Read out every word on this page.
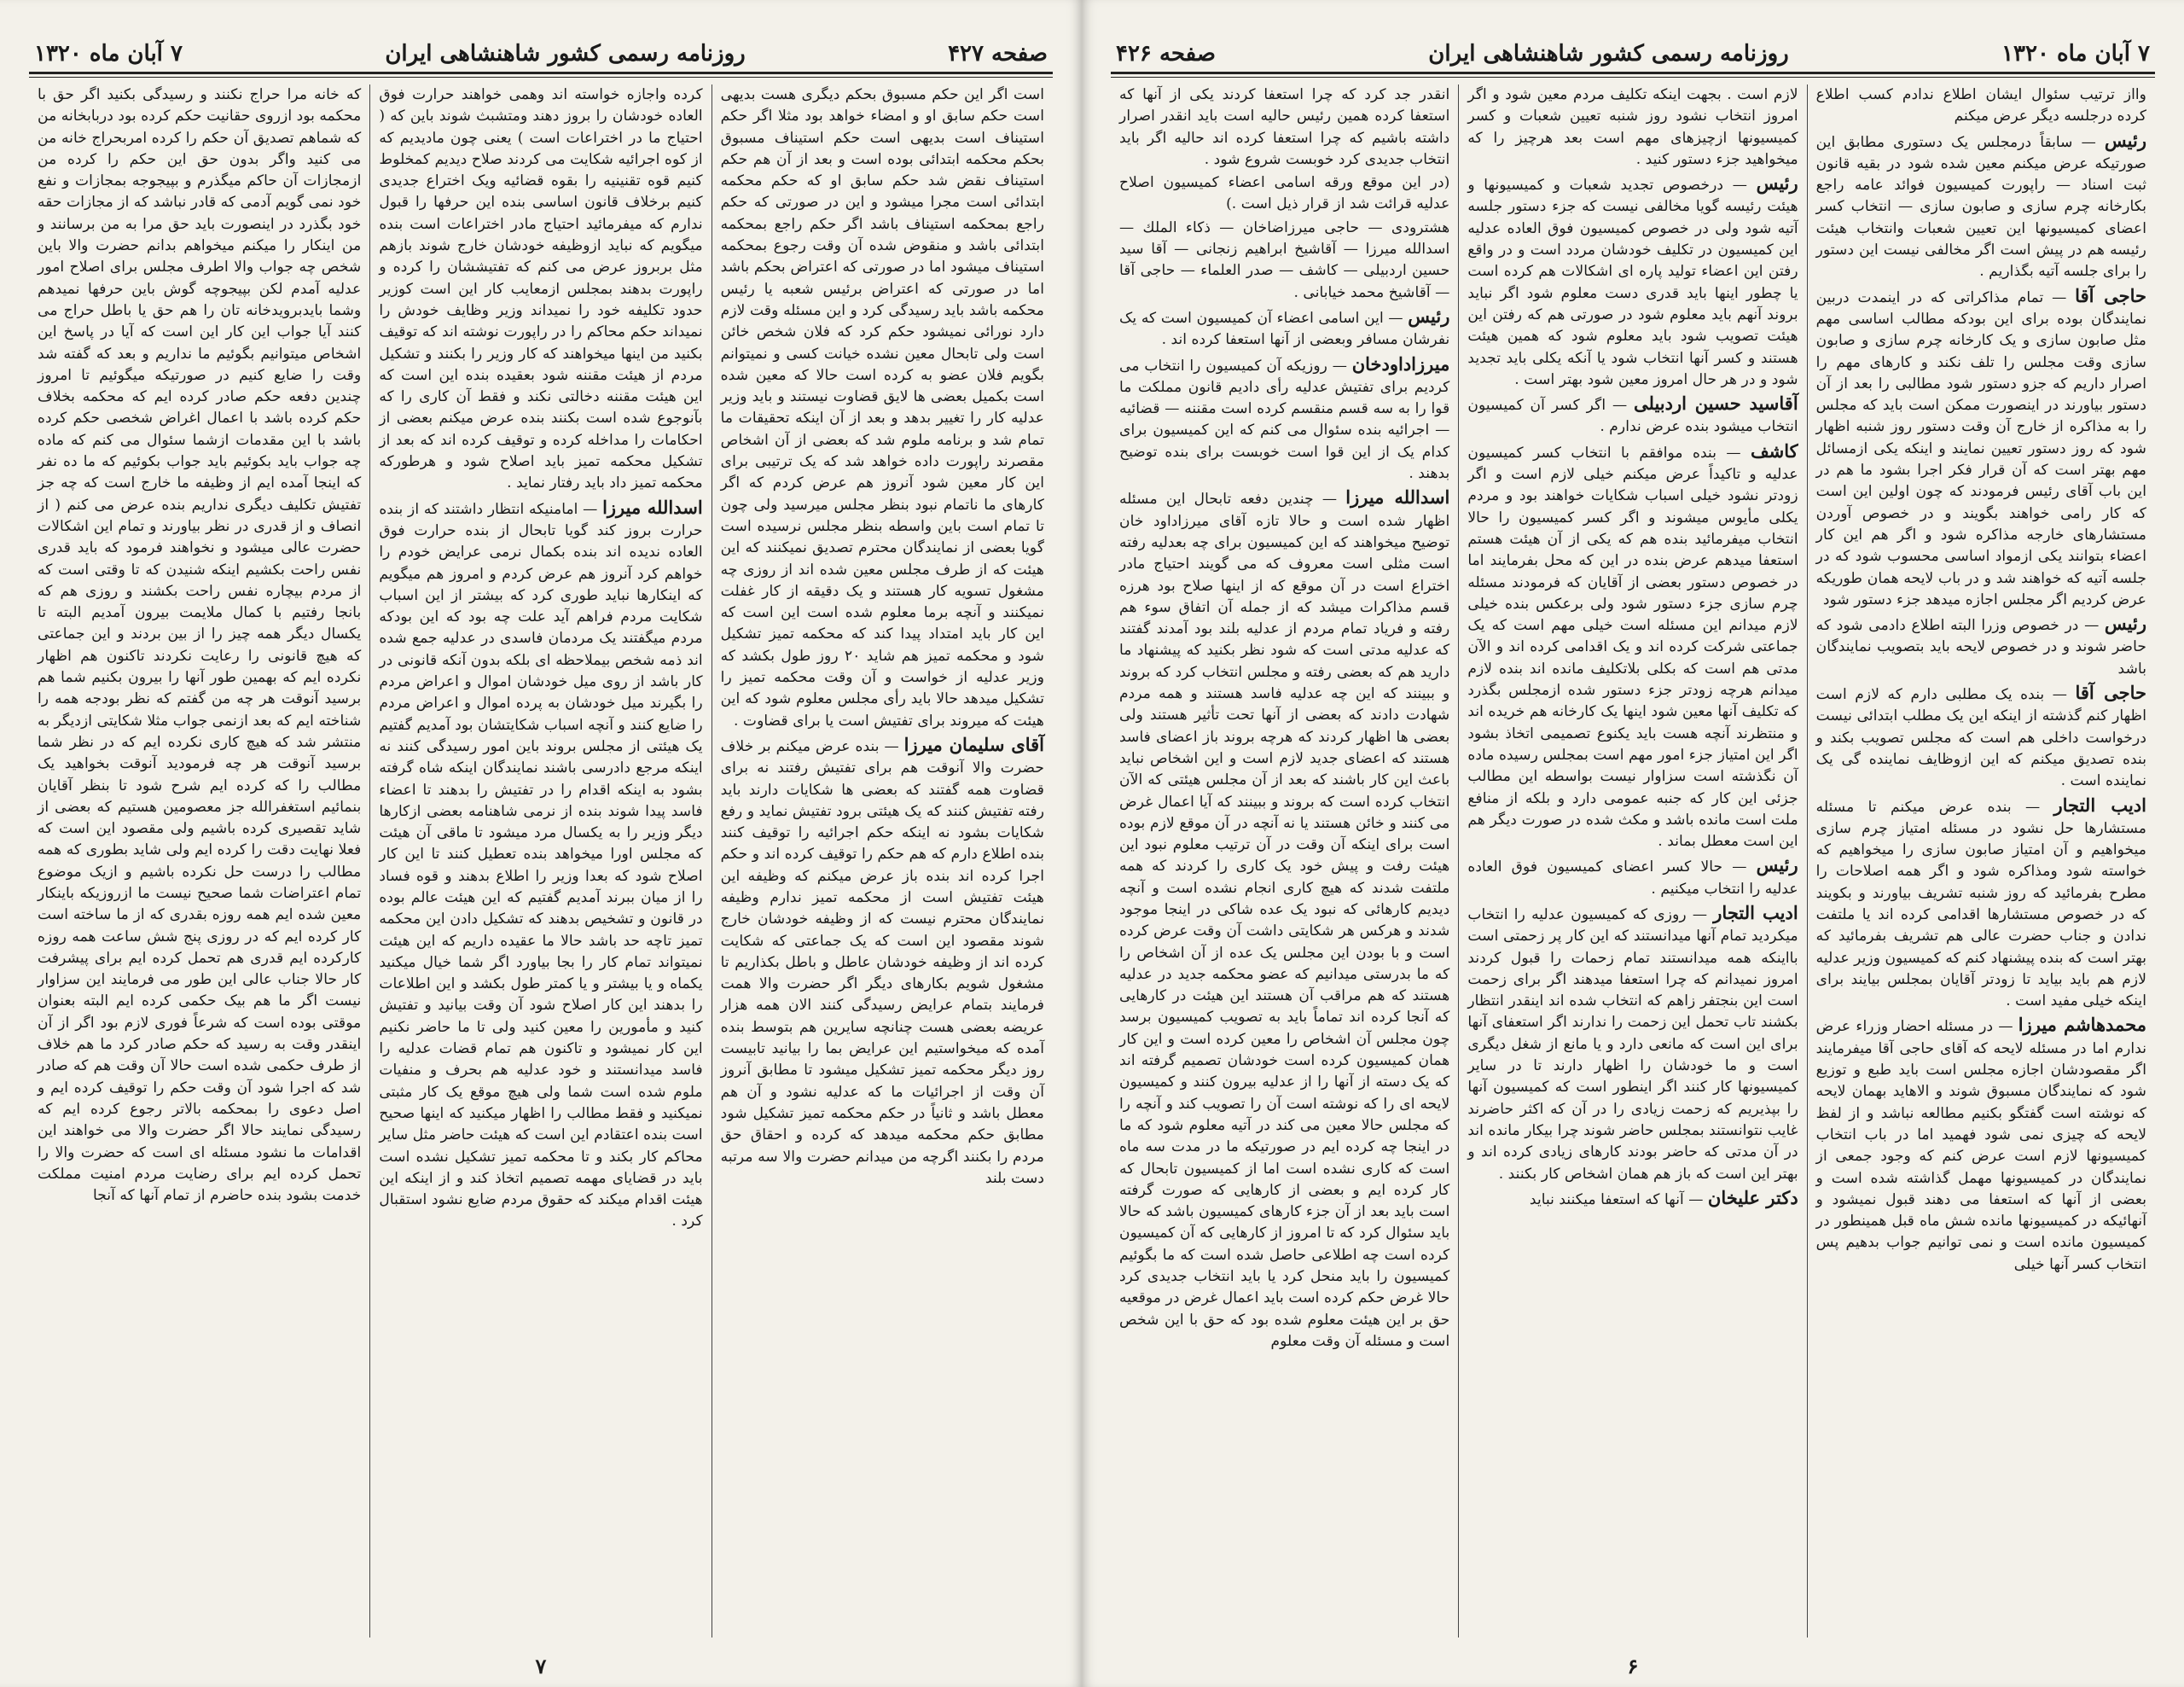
صفحه ۴۲۷
روزنامه رسمی کشور شاهنشاهی ایران
۷ آبان ماه ۱۳۲۰

است اگر این حکم مسبوق بحکم دیگری هست بدیهی است حکم سابق او و امضاء خواهد بود مثلا اگر حکم استیناف است بدیهی است حکم استیناف مسبوق بحکم محکمه ابتدائی بوده است و بعد از آن هم حکم استیناف نقض شد حکم سابق او که حکم محکمه ابتدائی است مجرا میشود و این در صورتی که حکم راجع بمحکمه استیناف باشد اگر حکم راجع بمحکمه ابتدائی باشد و منقوض شده آن وقت رجوع بمحکمه استیناف میشود اما در صورتی که اعتراض بحکم باشد اما در صورتی که اعتراض برئیس شعبه یا رئیس محکمه باشد باید رسیدگی کرد و این مسئله وقت لازم دارد نورائی نمیشود حکم کرد که فلان شخص خائن است ولی تابحال معین نشده خیانت کسی و نمیتوانم بگویم فلان عضو به کرده است حالا که معین شده است بکمیل بعضی ها لایق قضاوت نیستند و باید وزیر عدلیه کار را تغییر بدهد و بعد از آن اینکه تحقیقات ما تمام شد و برنامه ملوم شد که بعضی از آن اشخاص مقصرند راپورت داده خواهد شد که یک ترتیبی برای این کار معین شود آنروز هم عرض کردم که اگر کارهای ما ناتمام نبود بنظر مجلس میرسید ولی چون تا تمام است باین واسطه بنظر مجلس نرسیده است گویا بعضی از نمایندگان محترم تصدیق نمیکنند که این هیئت که از طرف مجلس معین شده اند از روزی چه مشغول تسویه کار هستند و یک دقیقه از کار غفلت نمیکنند و آنچه برما معلوم شده است این است که این کار باید امتداد پیدا کند که محکمه تمیز تشکیل شود و محکمه تمیز هم شاید ۲۰ روز طول بکشد که وزیر عدلیه از خواست و آن وقت محکمه تمیز را تشکیل میدهد حالا باید رأی مجلس معلوم شود که این هیئت که میروند برای تفتیش است یا برای قضاوت .

آقای سلیمان میرزا — بنده عرض میکنم بر خلاف حضرت والا آنوقت هم برای تفتیش رفتند نه برای قضاوت همه گفتند که بعضی ها شکایات دارند باید رفته تفتیش کنند که یک هیئتی برود تفتیش نماید و رفع شکایات بشود نه اینکه حکم اجرائیه را توقیف کنند بنده اطلاع دارم که هم حکم را توقیف کرده اند و حکم اجرا کرده اند بنده باز عرض میکنم که وظیفه این هیئت تفتیش است از محکمه تمیز ندارم وظیفه نمایندگان محترم نیست که از وظیفه خودشان خارج شوند مقصود این است که یک جماعتی که شکایت کرده اند از وظیفه خودشان عاطل و باطل بکذاریم تا مشغول شویم بکارهای دیگر اگر حضرت والا همت فرمایند بتمام عرایض رسیدگی کنند الان همه هزار عریضه بعضی هست چنانچه سایرین هم بتوسط بنده آمده که میخواستیم این عرایض بما را بیانید تابیست روز دیگر محکمه تمیز تشکیل میشود تا مطابق آنروز آن وقت از اجرائیات ما که عدلیه نشود و آن هم معطل باشد و ثانیاً در حکم محکمه تمیز تشکیل شود مطابق حکم محکمه میدهد که کرده و احقاق حق مردم را بکنند اگرچه من میدانم حضرت والا سه مرتبه دست بلند

کرده واجازه خواسته اند وهمی خواهند حرارت فوق العاده خودشان را بروز دهند ومتشبث شوند باین که ( احتیاج ما در اختراعات است ) یعنی چون مادیدیم که از کوه اجرائیه شکایت می کردند صلاح دیدیم کمخلوط کنیم قوه تقنینیه را بقوه قضائیه ویک اختراع جدیدی کنیم برخلاف قانون اساسی بنده این حرفها را قبول ندارم که میفرمائید احتیاج مادر اختراعات است بنده میگویم که نباید ازوظیفه خودشان خارج شوند بازهم مثل بربروز عرض می کنم که تفتیششان را کرده و راپورت بدهند بمجلس ازمعایب کار این است کوزیر حدود تکلیفه خود را نمیداند وزیر وظایف خودش را نمیداند حکم محاکم را در راپورت نوشته اند که توقیف بکنید من اینها میخواهند که کار وزیر را بکنند و تشکیل مردم از هیئت مقننه شود بعقیده بنده این است که این هیئت مقننه دخالتی نکند و فقط آن کاری را که بآنوجوع شده است بکنند بنده عرض میکنم بعضی از احکامات را مداخله کرده و توقیف کرده اند که بعد از تشکیل محکمه تمیز باید اصلاح شود و هرطورکه محکمه تمیز داد باید رفتار نماید .

اسدالله میرزا — امامنیکه انتظار داشتند که از بنده حرارت بروز کند گویا تابحال از بنده حرارت فوق العاده ندیده اند بنده بکمال نرمی عرایض خودم را خواهم کرد آنروز هم عرض کردم و امروز هم میگویم که اینکارها نباید طوری کرد که بیشتر از این اسباب شکایت مردم فراهم آید علت چه بود که این بودکه مردم میگفتند یک مردمان فاسدی در عدلیه جمع شده اند ذمه شخص بیملاحظه ای بلکه بدون آنکه قانونی در کار باشد از روی میل خودشان اموال و اعراض مردم را بگیرند میل خودشان به پرده اموال و اعراض مردم را ضایع کنند و آنچه اسباب شکایتشان بود آمدیم گفتیم یک هیئتی از مجلس بروند باین امور رسیدگی کنند نه اینکه مرجع دادرسی باشند نمایندگان اینکه شاه گرفته بشود به اینکه اقدام را در تفتیش را بدهند تا اعضاء فاسد پیدا شوند بنده از نرمی شاهنامه بعضی ازکارها دیگر وزیر را به یکسال مرد میشود تا ماقی آن هیئت که مجلس اورا میخواهد بنده تعطیل کنند تا این کار اصلاح شود که بعدا وزیر را اطلاع بدهند و قوه فساد را از میان ببرند آمدیم گفتیم که این هیئت عالم بوده در قانون و تشخیص بدهند که تشکیل دادن این محکمه تمیز تاچه حد باشد حالا ما عقیده داریم که این هیئت نمیتواند تمام کار را بجا بیاورد اگر شما خیال میکنید یکماه و یا بیشتر و یا کمتر طول بکشد و این اطلاعات را بدهند این کار اصلاح شود آن وقت بیانید و تفتیش کنید و مأمورین را معین کنید ولی تا ما حاضر نکنیم این کار نمیشود و تاکنون هم تمام قضات عدلیه را فاسد میدانستند و خود عدلیه هم بحرف و منفیات ملوم شده است شما ولی هیچ موقع یک کار مثبتی نمیکنید و فقط مطالب را اظهار میکنید که اینها صحیح است بنده اعتقادم این است که هیئت حاضر مثل سایر محاکم کار بکند و تا محکمه تمیز تشکیل نشده است باید در قضایای مهمه تصمیم اتخاذ کند و از اینکه این هیئت اقدام میکند که حقوق مردم ضایع نشود استقبال کرد .

که خانه مرا حراج نکنند و رسیدگی بکنید اگر حق با محکمه بود ازروی حقانیت حکم کرده بود دربابخانه من که شماهم تصدیق آن حکم را کرده امربحراج خانه من می کنید واگر بدون حق این حکم را کرده من ازمجازات آن حاکم میگذرم و بپیجوجه بمجازات و نفع خود نمی گویم آدمی که قادر نباشد که از مجازات حقه خود بگذرد در اینصورت باید حق مرا به من برسانند و من اینکار را میکنم میخواهم بدانم حضرت والا باین شخص چه جواب والا اطرف مجلس برای اصلاح امور عدلیه آمدم لکن بپیجوچه گوش باین حرفها نمیدهم وشما بایدبرویدخانه تان را هم حق یا باطل حراج می کنند آیا جواب این کار این است که آیا در پاسخ این اشخاص میتوانیم بگوئیم ما نداریم و بعد که گفته شد وقت را ضایع کنیم در صورتیکه میگوئیم تا امروز چندین دفعه حکم صادر کرده ایم که محکمه بخلاف حکم کرده باشد با اعمال اغراض شخصی حکم کرده باشد با این مقدمات ازشما سئوال می کنم که ماده چه جواب باید بکوئیم باید جواب بکوئیم که ما ده نفر که اینجا آمده ایم از وظیفه ما خارج است که چه جز تفتیش تکلیف دیگری نداریم بنده عرض می کنم ( از انصاف و از قدری در نظر بیاورند و تمام این اشکالات حضرت عالی میشود و نخواهند فرمود که باید قدری نفس راحت بکشیم اینکه شنیدن که تا وقتی است که از مردم بیچاره نفس راحت بکشند و روزی هم که بانجا رفتیم با کمال ملایمت بیرون آمدیم البته تا یکسال دیگر همه چیز را از بین بردند و این جماعتی که هیچ قانونی را رعایت نکردند تاکنون هم اظهار نکرده ایم که بهمین طور آنها را بیرون بکنیم شما هم برسید آنوقت هر چه من گفتم که نظر بودجه همه را شناخته ایم که بعد ازنمی جواب مثلا شکایتی ازدیگر به منتشر شد که هیچ کاری نکرده ایم که در نظر شما برسید آنوقت هر چه فرمودید آنوقت بخواهید یک مطالب را که کرده ایم شرح شود تا بنظر آقایان بنمائیم استغفرالله جز معصومین هستیم که بعضی از شاید تقصیری کرده باشیم ولی مقصود این است که فعلا نهایت دقت را کرده ایم ولی شاید بطوری که همه مطالب را درست حل نکرده باشیم و ازیک موضوع تمام اعتراضات شما صحیح نیست ما ازروزیکه باینکار معین شده ایم همه روزه بقدری که از ما ساخته است کار کرده ایم که در روزی پنج شش ساعت همه روزه کارکرده ایم قدری هم تحمل کرده ایم برای پیشرفت کار حالا جناب عالی این طور می فرمایند این سزاوار نیست اگر ما هم بیک حکمی کرده ایم البته بعنوان موقتی بوده است که شرعاً فوری لازم بود اگر از آن اینقدر وقت به رسید که حکم صادر کرد ما هم خلاف از طرف حکمی شده است حالا آن وقت هم که صادر شد که اجرا شود آن وقت حکم را توقیف کرده ایم و اصل دعوی را بمحکمه بالاتر رجوع کرده ایم که رسیدگی نمایند حالا اگر حضرت والا می خواهند این اقدامات ما نشود مسئله ای است که حضرت والا را تحمل کرده ایم برای رضایت مردم امنیت مملکت خدمت بشود بنده حاضرم از تمام آنها که آنجا

۷
۷ آبان ماه ۱۳۲۰
روزنامه رسمی کشور شاهنشاهی ایران
صفحه ۴۲۶

وااز ترتیب سئوال ایشان اطلاع ندادم کسب اطلاع کرده درجلسه دیگر عرض میکنم

رئیس — سابقاً درمجلس یک دستوری مطابق این صورتیکه عرض میکنم معین شده شود در بقیه قانون ثبت اسناد — راپورت کمیسیون فوائد عامه راجع بکارخانه چرم سازی و صابون سازی — انتخاب کسر اعضای کمیسیونها این تعیین شعبات وانتخاب هیئت رئیسه هم در پیش است اگر مخالفی نیست این دستور را برای جلسه آتیه بگذاریم .

حاجی آقا — تمام مذاکراتی که در اینمدت دربین نمایندگان بوده برای این بودکه مطالب اساسی مهم مثل صابون سازی و یک کارخانه چرم سازی و صابون سازی وقت مجلس را تلف نکند و کارهای مهم را اصرار داریم که جزو دستور شود مطالبی را بعد از آن دستور بیاورند در اینصورت ممکن است باید که مجلس را به مذاکره از خارج آن وقت دستور روز شنبه اظهار شود که روز دستور تعیین نمایند و اینکه یکی ازمسائل مهم بهتر است که آن قرار فکر اجرا بشود ما هم در این باب آقای رئیس فرمودند که چون اولین این است که کار رامی خواهند بگویند و در خصوص آوردن مستشارهای خارجه مذاکره شود و اگر هم این کار اعضاء بتوانند یکی ازمواد اساسی محسوب شود که در جلسه آتیه که خواهند شد و در باب لایحه همان طوریکه عرض کردیم اگر مجلس اجازه میدهد جزء دستور شود

رئیس — در خصوص وزرا البته اطلاع دادمی شود که حاضر شوند و در خصوص لایحه باید بتصویب نمایندگان باشد

حاجی آقا — بنده یک مطلبی دارم که لازم است اظهار کنم گذشته از اینکه این یک مطلب ابتدائی نیست درخواست داخلی هم است که مجلس تصویب بکند و بنده تصدیق میکنم که این ازوظایف نماینده گی یک نماینده است .

ادیب التجار — بنده عرض میکنم تا مسئله مستشارها حل نشود در مسئله امتیاز چرم سازی میخواهیم و آن امتیاز صابون سازی را میخواهیم که خواسته شود ومذاکره شود و اگر همه اصلاحات را مطرح بفرمائید که روز شنبه تشریف بیاورند و بکویند که در خصوص مستشارها اقدامی کرده اند یا ملتفت ندادن و جناب حضرت عالی هم تشریف بفرمائید که بهتر است که بنده پیشنهاد کنم که کمیسیون وزیر عدلیه لازم هم باید بیاید تا زودتر آقایان بمجلس بیایند برای اینکه خیلی مفید است .

محمدهاشم میرزا — در مسئله احضار وزراء عرض ندارم اما در مسئله لایحه که آقای حاجی آقا میفرمایند اگر مقصودشان اجازه مجلس است باید طبع و توزیع شود که نمایندگان مسبوق شوند و الاهاید بهمان لایحه که نوشته است گفتگو بکنیم مطالعه نباشد و از لفظ لایحه که چیزی نمی شود فهمید اما در باب انتخاب کمیسیونها لازم است عرض کنم که وجود جمعی از نمایندگان در کمیسیونها مهمل گذاشته شده است و بعضی از آنها که استعفا می دهند قبول نمیشود و آنهائیکه در کمیسیونها مانده شش ماه قبل همینطور در کمیسیون مانده است و نمی توانیم جواب بدهیم پس انتخاب کسر آنها خیلی

لازم است . بجهت اینکه تکلیف مردم معین شود و اگر امروز انتخاب نشود روز شنبه تعیین شعبات و کسر کمیسیونها ازچیزهای مهم است بعد هرچیز را که میخواهید جزء دستور کنید .

رئیس — درخصوص تجدید شعبات و کمیسیونها و هیئت رئیسه گویا مخالفی نیست که جزء دستور جلسه آتیه شود ولی در خصوص کمیسیون فوق العاده عدلیه این کمیسیون در تکلیف خودشان مردد است و در واقع رفتن این اعضاء تولید پاره ای اشکالات هم کرده است یا چطور اینها باید قدری دست معلوم شود اگر نباید بروند آنهم باید معلوم شود در صورتی هم که رفتن این هیئت تصویب شود باید معلوم شود که همین هیئت هستند و کسر آنها انتخاب شود یا آنکه یکلی باید تجدید شود و در هر حال امروز معین شود بهتر است .

آقاسید حسین اردبیلی — اگر کسر آن کمیسیون انتخاب میشود بنده عرض ندارم .

کاشف — بنده موافقم با انتخاب کسر کمیسیون عدلیه و تاکیداً عرض میکنم خیلی لازم است و اگر زودتر نشود خیلی اسباب شکایات خواهند بود و مردم یکلی مأیوس میشوند و اگر کسر کمیسیون را حالا انتخاب میفرمائید بنده هم که یکی از آن هیئت هستم استعفا میدهم عرض بنده در این که محل بفرمایند اما در خصوص دستور بعضی از آقایان که فرمودند مسئله چرم سازی جزء دستور شود ولی برعکس بنده خیلی لازم میدانم این مسئله است خیلی مهم است که یک جماعتی شرکت کرده اند و یک اقدامی کرده اند و الآن مدتی هم است که بکلی بلاتکلیف مانده اند بنده لازم میدانم هرچه زودتر جزء دستور شده ازمجلس بگذرد که تکلیف آنها معین شود اینها یک کارخانه هم خریده اند و منتظرند آنچه هست باید یکنوع تصمیمی اتخاذ بشود اگر این امتیاز جزء امور مهم است بمجلس رسیده ماده آن نگذشته است سزاوار نیست بواسطه این مطالب جزئی این کار که جنبه عمومی دارد و بلکه از منافع ملت است مانده باشد و مکث شده در صورت دیگر هم این است معطل بماند .

رئیس — حالا کسر اعضای کمیسیون فوق العاده عدلیه را انتخاب میکنیم .

ادیب التجار — روزی که کمیسیون عدلیه را انتخاب میکردید تمام آنها میدانستند که این کار پر زحمتی است بااینکه همه میدانستند تمام زحمات را قبول کردند امروز نمیدانم که چرا استعفا میدهند اگر برای زحمت است این بنجتفر زاهم که انتخاب شده اند اینقدر انتظار بکشند تاب تحمل این زحمت را ندارند اگر استعفای آنها برای این است که مانعی دارد و یا مانع از شغل دیگری است و ما خودشان را اظهار دارند تا در سایر کمیسیونها کار کنند اگر اینطور است که کمیسیون آنها را بپذیریم که زحمت زیادی را در آن که اکثر حاضرند غایب نتوانستند بمجلس حاضر شوند چرا بیکار مانده اند در آن مدتی که حاضر بودند کارهای زیادی کرده اند و بهتر این است که باز هم همان اشخاص کار بکنند .

دکتر علیخان — آنها که استعفا میکنند نباید

انقدر جد کرد که چرا استعفا کردند یکی از آنها که استعفا کرده همین رئیس حالیه است باید انقدر اصرار داشته باشیم که چرا استعفا کرده اند حالیه اگر باید انتخاب جدیدی کرد خوبست شروع شود .

(در این موقع ورقه اسامی اعضاء کمیسیون اصلاح عدلیه قرائت شد از قرار ذیل است .)

هشترودی — حاجی میرزاضاخان — ذکاء الملك — اسدالله میرزا — آقاشیخ ابراهیم زنجانی — آقا سید حسین اردبیلی — کاشف — صدر العلماء — حاجی آقا — آقاشیخ محمد خیابانی .

رئیس — این اسامی اعضاء آن کمیسیون است که یک نفرشان مسافر وبعضی از آنها استعفا کرده اند .

میرزاداودخان — روزیکه آن کمیسیون را انتخاب می کردیم برای تفتیش عدلیه رأی دادیم قانون مملکت ما قوا را به سه قسم منقسم کرده است مقننه — قضائیه — اجرائیه بنده سئوال می کنم که این کمیسیون برای کدام یک از این قوا است خوبست برای بنده توضیح بدهند .

اسدالله میرزا — چندین دفعه تابحال این مسئله اظهار شده است و حالا تازه آقای میرزاداود خان توضیح میخواهند که این کمیسیون برای چه بعدلیه رفته است مثلی است معروف که می گویند احتیاج مادر اختراع است در آن موقع که از اینها صلاح بود هرزه قسم مذاکرات میشد که از جمله آن اتفاق سوء هم رفته و فریاد تمام مردم از عدلیه بلند بود آمدند گفتند که عدلیه مدتی است که شود نظر بکنید که پیشنهاد ما دارید هم که بعضی رفته و مجلس انتخاب کرد که بروند و ببینند که این چه عدلیه فاسد هستند و همه مردم شهادت دادند که بعضی از آنها تحت تأثیر هستند ولی بعضی ها اظهار کردند که هرچه بروند باز اعضای فاسد هستند که اعضای جدید لازم است و این اشخاص نباید باعث این کار باشند که بعد از آن مجلس هیئتی که الآن انتخاب کرده است که بروند و ببینند که آیا اعمال غرض می کنند و خائن هستند یا نه آنچه در آن موقع لازم بوده است برای اینکه آن وقت در آن ترتیب معلوم نبود این هیئت رفت و پیش خود یک کاری را کردند که همه ملتفت شدند که هیچ کاری انجام نشده است و آنچه دیدیم کارهائی که نبود یک عده شاکی در اینجا موجود شدند و هرکس هر شکایتی داشت آن وقت عرض کرده است و با بودن این مجلس یک عده از آن اشخاص را که ما بدرستی میدانیم که عضو محکمه جدید در عدلیه هستند که هم مراقب آن هستند این هیئت در کارهایی که آنجا کرده اند تماماً باید به تصویب کمیسیون برسد چون مجلس آن اشخاص را معین کرده است و این کار همان کمیسیون کرده است خودشان تصمیم گرفته اند که یک دسته از آنها را از عدلیه بیرون کنند و کمیسیون لایحه ای را که نوشته است آن را تصویب کند و آنچه را که مجلس حالا معین می کند در آتیه معلوم شود که ما در اینجا چه کرده ایم در صورتیکه ما در مدت سه ماه است که کاری نشده است اما از کمیسیون تابحال که کار کرده ایم و بعضی از کارهایی که صورت گرفته است باید بعد از آن جزء کارهای کمیسیون باشد که حالا باید سئوال کرد که تا امروز از کارهایی که آن کمیسیون کرده است چه اطلاعی حاصل شده است که ما بگوئیم کمیسیون را باید منحل کرد یا باید انتخاب جدیدی کرد حالا غرض حکم کرده است باید اعمال غرض در موقعیه حق بر این هیئت معلوم شده بود که حق با این شخص است و مسئله آن وقت معلوم

۶
